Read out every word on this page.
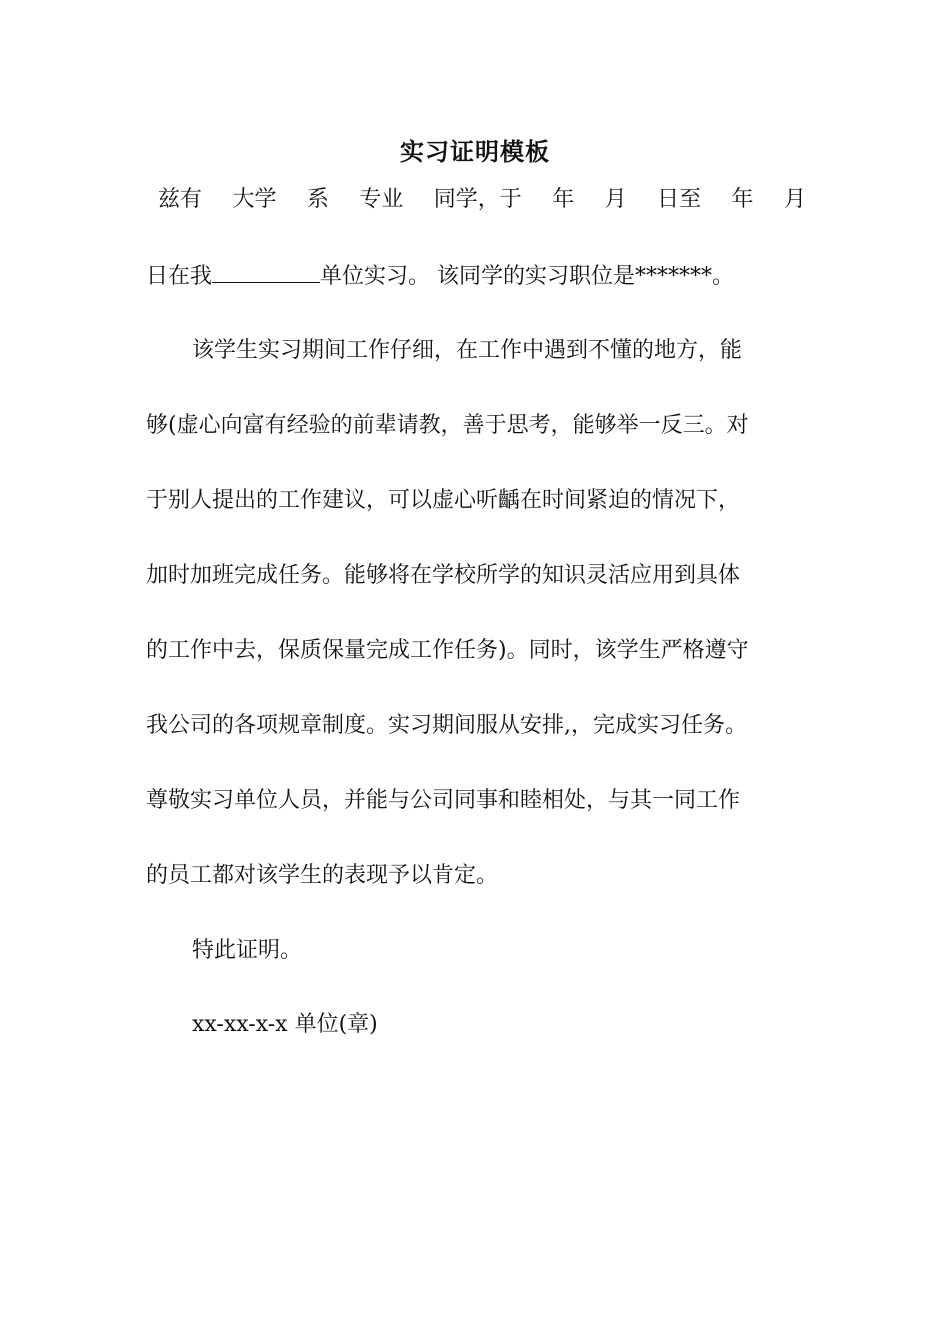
实习证明模板
兹有 大学 系 专业 同学，于 年 月 日至 年 月
日在我	单位实习。 该同学的实习职位是*******。
该学生实习期间工作仔细，在工作中遇到不懂的地方，能
够(虚心向富有经验的前辈请教，善于思考，能够举一反三。对
于别人提出的工作建议，可以虚心听齲在时间紧迫的情况下，
加时加班完成任务。能够将在学校所学的知识灵活应用到具体
的工作中去，保质保量完成工作任务)。同时，该学生严格遵守
我公司的各项规章制度。实习期间服从安排,，完成实习任务。
尊敬实习单位人员，并能与公司同事和睦相处，与其一同工作
的员工都对该学生的表现予以肯定。
特此证明。
xx-xx-x-x 单位(章)
